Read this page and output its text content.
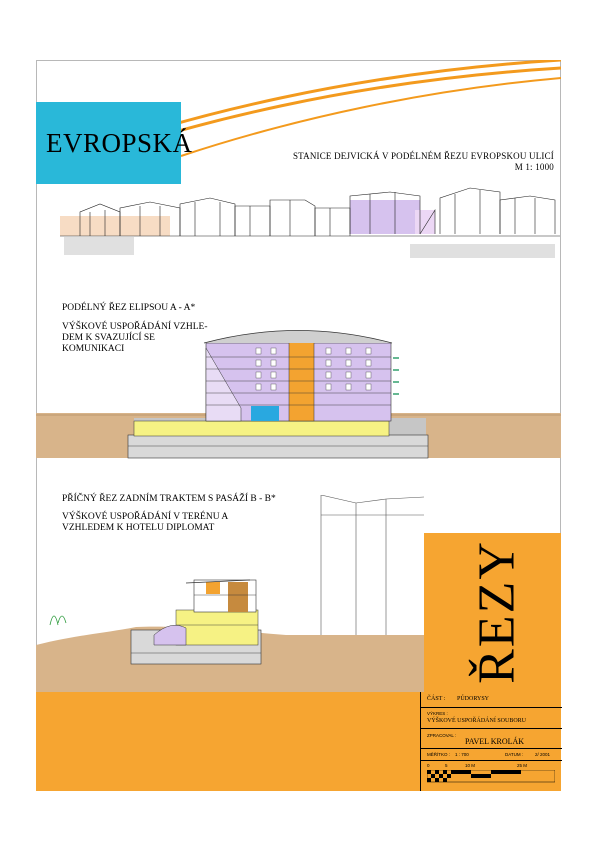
EVROPSKÁ	STANICE DEJVICKÁ V PODÉLNÉM ŘEZU EVROPSKOU ULICÍ
M 1: 1000
PODÉLNÝ ŘEZ ELIPSOU A - A*
VÝŠKOVÉ USPOŘÁDÁNÍ VZHLE-
DEM K SVAZUJÍCÍ SE
KOMUNIKACI
PŘÍČNÝ ŘEZ ZADNÍM TRAKTEM S PASÁŽÍ B - B*
VÝŠKOVÉ USPOŘÁDÁNÍ V TERÉNU A
VZHLEDEM K HOTELU DIPLOMAT
ŘEZY
ČÁST : PŮDORYSY
VÝKRES :
VÝŠKOVÉ USPOŘÁDÁNÍ SOUBORU
ZPRACOVAL :
PAVEL KROLÁK
MĚŘÍTKO : 1 : 700	DATUM :	2/ 2001
0	5	10 M	25 M
